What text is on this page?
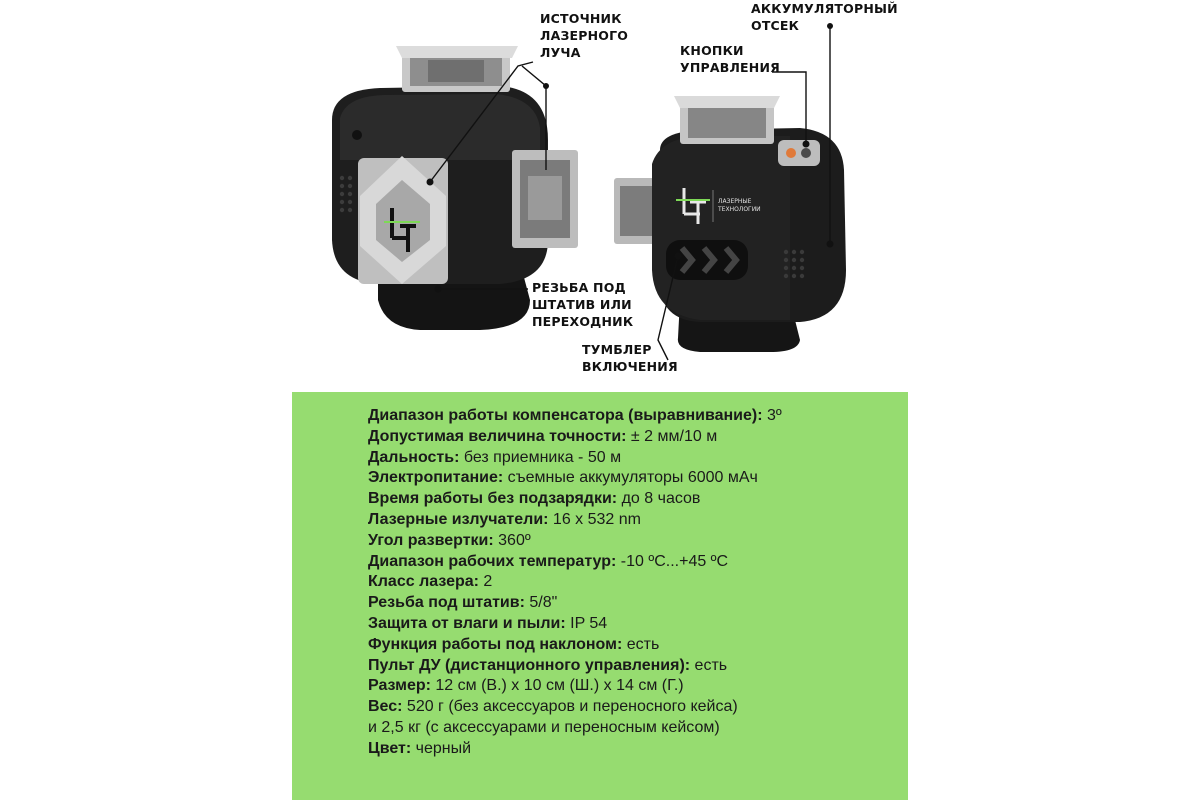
ЛАЗЕРНЫЕ
ТЕХНОЛОГИИ
ИСТОЧНИК
ЛАЗЕРНОГО
ЛУЧА
АККУМУЛЯТОРНЫЙ
ОТСЕК
КНОПКИ
УПРАВЛЕНИЯ
РЕЗЬБА ПОД
ШТАТИВ ИЛИ
ПЕРЕХОДНИК
ТУМБЛЕР
ВКЛЮЧЕНИЯ
Диапазон работы компенсатора (выравнивание): 3º
Допустимая величина точности: ± 2 мм/10 м
Дальность: без приемника - 50 м
Электропитание: съемные аккумуляторы 6000 мАч
Время работы без подзарядки: до 8 часов
Лазерные излучатели: 16 x 532 nm
Угол развертки: 360º
Диапазон рабочих температур: -10 ºC...+45 ºC
Класс лазера: 2
Резьба под штатив: 5/8"
Защита от влаги и пыли: IP 54
Функция работы под наклоном: есть
Пульт ДУ (дистанционного управления): есть
Размер: 12 см (В.) x 10 см (Ш.) x 14 см (Г.)
Вес: 520 г (без аксессуаров и переносного кейса)
и 2,5 кг (с аксессуарами и переносным кейсом)
Цвет: черный
